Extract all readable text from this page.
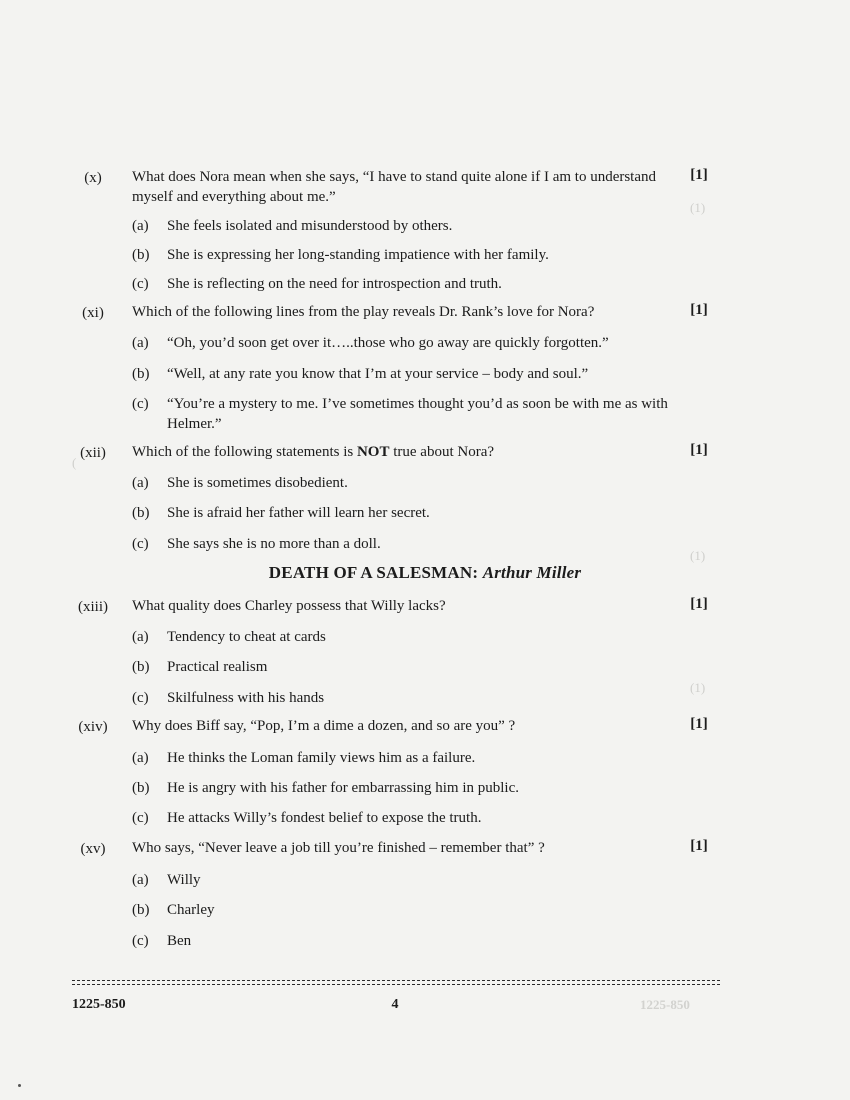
(1)
(
(1)
(1)
(x)	What does Nora mean when she says, “I have to stand quite alone if I am to understand myself and everything about me.”
[1]
(a)	She feels isolated and misunderstood by others.
(b)	She is expressing her long-standing impatience with her family.
(c)	She is reflecting on the need for introspection and truth.
(xi)	Which of the following lines from the play reveals Dr. Rank’s love for Nora?	[1]
(a)	“Oh, you’d soon get over it…..those who go away are quickly forgotten.”
(b)	“Well, at any rate you know that I’m at your service – body and soul.”
(c)	“You’re a mystery to me. I’ve sometimes thought you’d as soon be with me as with Helmer.”
(xii)	Which of the following statements is NOT true about Nora?	[1]
(a)	She is sometimes disobedient.
(b)	She is afraid her father will learn her secret.
(c)	She says she is no more than a doll.
DEATH OF A SALESMAN: Arthur Miller
(xiii)	What quality does Charley possess that Willy lacks?	[1]
(a)	Tendency to cheat at cards
(b)	Practical realism
(c)	Skilfulness with his hands
(xiv)	Why does Biff say, “Pop, I’m a dime a dozen, and so are you” ?	[1]
(a)	He thinks the Loman family views him as a failure.
(b)	He is angry with his father for embarrassing him in public.
(c)	He attacks Willy’s fondest belief to expose the truth.
(xv)	Who says, “Never leave a job till you’re finished – remember that” ?	[1]
(a)	Willy
(b)	Charley
(c)	Ben
1225-850	4	1225-850
